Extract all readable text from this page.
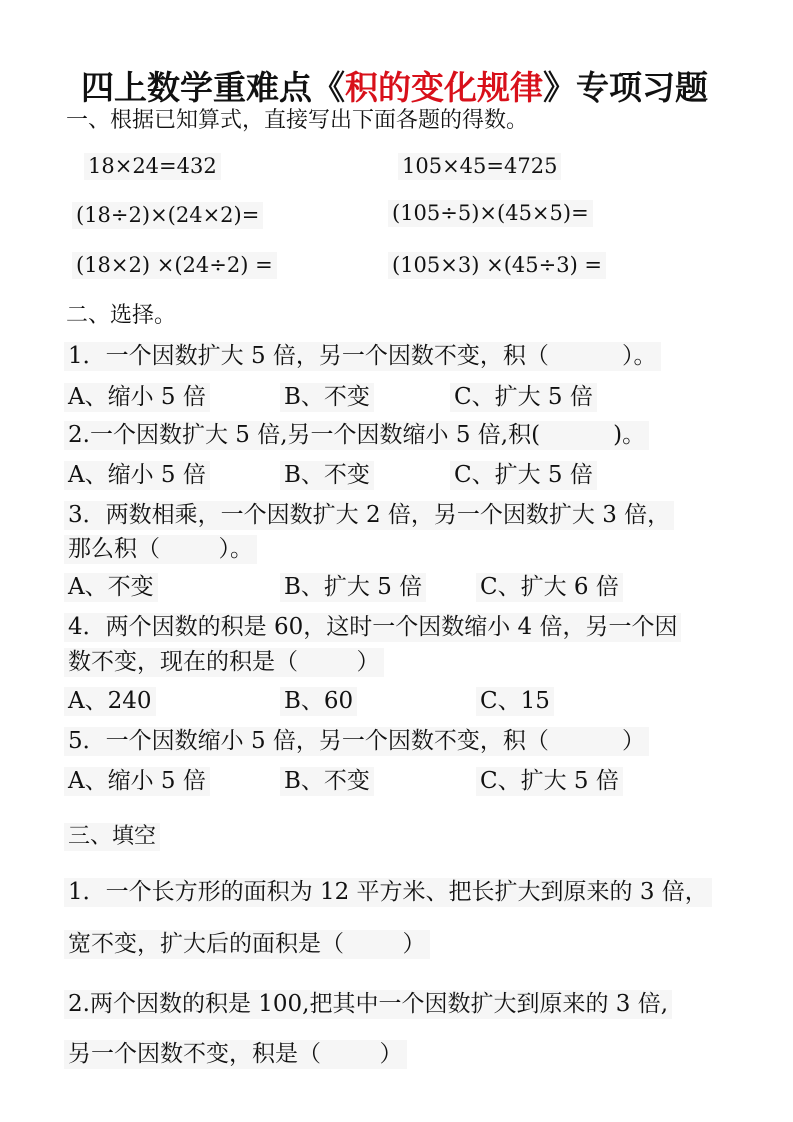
四上数学重难点《积的变化规律》专项习题

一、根据已知算式，直接写出下面各题的得数。
18×24=432	105×45=4725
(18÷2)×(24×2)=	(105÷5)×(45×5)=
(18×2) ×(24÷2) =	(105×3) ×(45÷3) =
二、选择。
1．一个因数扩大 5 倍，另一个因数不变，积（          ）。
A、缩小 5 倍	B、不变	C、扩大 5 倍
2.一个因数扩大 5 倍,另一个因数缩小 5 倍,积(          )。
A、缩小 5 倍	B、不变	C、扩大 5 倍
3．两数相乘，一个因数扩大 2 倍，另一个因数扩大 3 倍，
那么积（        ）。
A、不变	B、扩大 5 倍	C、扩大 6 倍
4．两个因数的积是 60，这时一个因数缩小 4 倍，另一个因
数不变，现在的积是（        ）
A、240	B、60	C、15
5．一个因数缩小 5 倍，另一个因数不变，积（          ）
A、缩小 5 倍	B、不变	C、扩大 5 倍
三、填空
1．一个长方形的面积为 12 平方米、把长扩大到原来的 3 倍，
宽不变，扩大后的面积是（        ）
2.两个因数的积是 100,把其中一个因数扩大到原来的 3 倍,
另一个因数不变，积是（        ）
